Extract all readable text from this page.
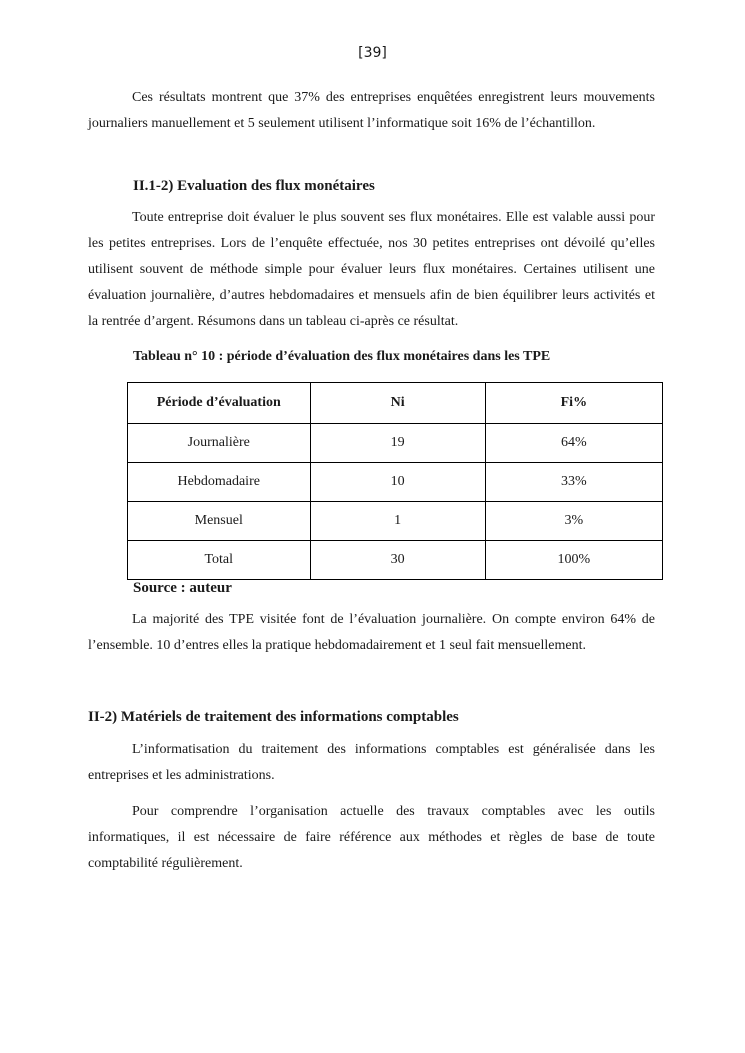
[39]

Ces résultats montrent que 37% des entreprises enquêtées enregistrent leurs mouvements journaliers manuellement et 5 seulement utilisent l’informatique soit 16% de l’échantillon.

II.1-2) Evaluation des flux monétaires

Toute entreprise doit évaluer le plus souvent ses flux monétaires. Elle est valable aussi pour les petites entreprises. Lors de l’enquête effectuée, nos 30 petites entreprises ont dévoilé qu’elles utilisent souvent de méthode simple pour évaluer leurs flux monétaires. Certaines utilisent une évaluation journalière, d’autres hebdomadaires et mensuels afin de bien équilibrer leurs activités et la rentrée d’argent. Résumons dans un tableau ci-après ce résultat.

Tableau n° 10 : période d’évaluation des flux monétaires dans les TPE

Période d’évaluation	Ni	Fi%
Journalière	19	64%
Hebdomadaire	10	33%
Mensuel	1	3%
Total	30	100%

Source : auteur

La majorité des TPE visitée font de l’évaluation journalière. On compte environ 64% de l’ensemble. 10 d’entres elles la pratique hebdomadairement et 1 seul fait mensuellement.

II-2) Matériels de traitement des informations comptables

L’informatisation du traitement des informations comptables est généralisée dans les entreprises et les administrations.

Pour comprendre l’organisation actuelle des travaux comptables avec les outils informatiques, il est nécessaire de faire référence aux méthodes et règles de base de toute comptabilité régulièrement.
